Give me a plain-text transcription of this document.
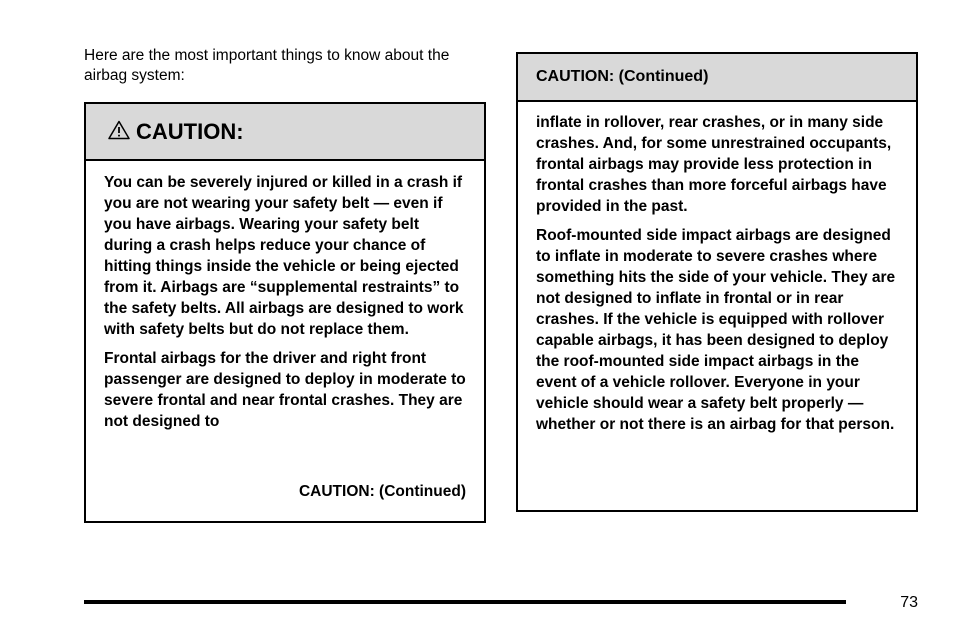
Here are the most important things to know about the airbag system:

CAUTION:

You can be severely injured or killed in a crash if you are not wearing your safety belt — even if you have airbags. Wearing your safety belt during a crash helps reduce your chance of hitting things inside the vehicle or being ejected from it. Airbags are “supplemental restraints” to the safety belts. All airbags are designed to work with safety belts but do not replace them.

Frontal airbags for the driver and right front passenger are designed to deploy in moderate to severe frontal and near frontal crashes. They are not designed to

CAUTION: (Continued)
CAUTION: (Continued)

inflate in rollover, rear crashes, or in many side crashes. And, for some unrestrained occupants, frontal airbags may provide less protection in frontal crashes than more forceful airbags have provided in the past.

Roof-mounted side impact airbags are designed to inflate in moderate to severe crashes where something hits the side of your vehicle. They are not designed to inflate in frontal or in rear crashes. If the vehicle is equipped with rollover capable airbags, it has been designed to deploy the roof-mounted side impact airbags in the event of a vehicle rollover. Everyone in your vehicle should wear a safety belt properly — whether or not there is an airbag for that person.

73
